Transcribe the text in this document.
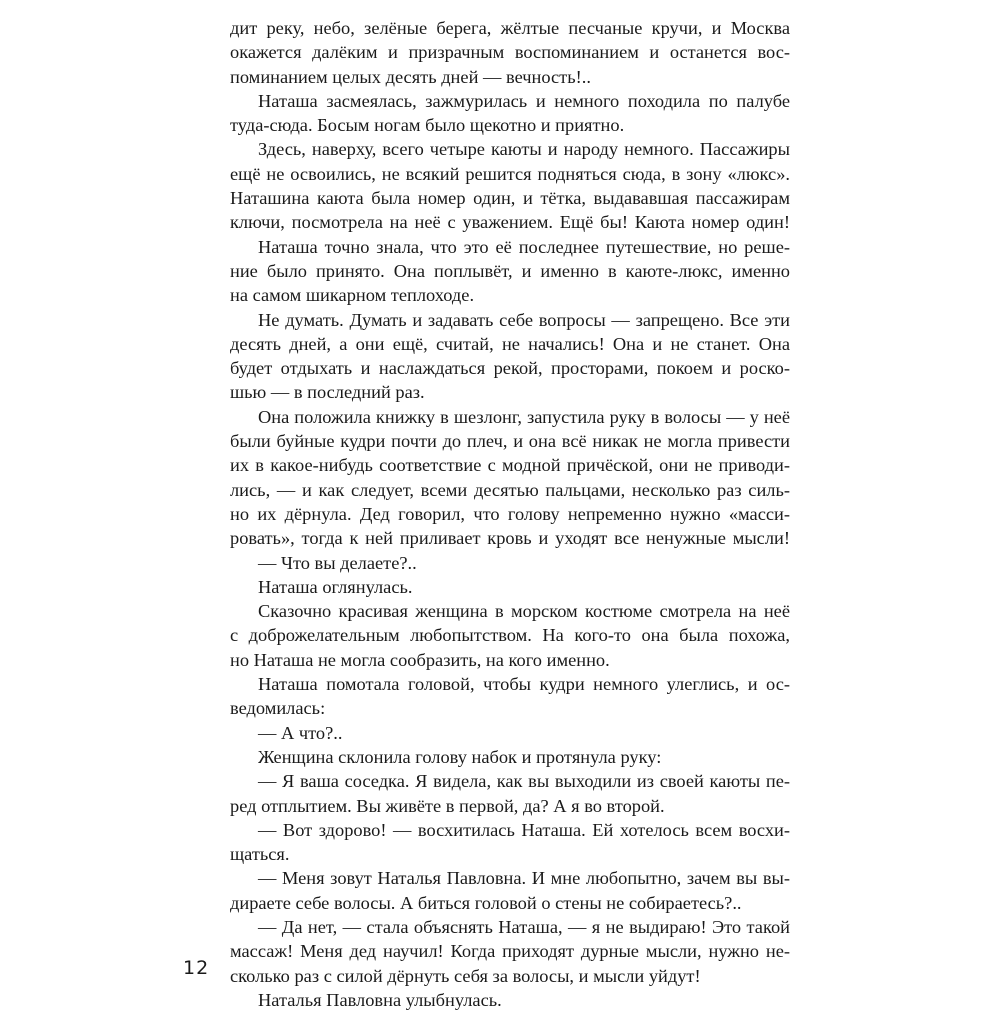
дит реку, небо, зелёные берега, жёлтые песчаные кручи, и Москва
окажется далёким и призрачным воспоминанием и останется вос-
поминанием целых десять дней — вечность!..
Наташа засмеялась, зажмурилась и немного походила по палубе
туда-сюда. Босым ногам было щекотно и приятно.
Здесь, наверху, всего четыре каюты и народу немного. Пассажиры
ещё не освоились, не всякий решится подняться сюда, в зону «люкс».
Наташина каюта была номер один, и тётка, выдававшая пассажирам
ключи, посмотрела на неё с уважением. Ещё бы! Каюта номер один!
Наташа точно знала, что это её последнее путешествие, но реше-
ние было принято. Она поплывёт, и именно в каюте-люкс, именно
на самом шикарном теплоходе.
Не думать. Думать и задавать себе вопросы — запрещено. Все эти
десять дней, а они ещё, считай, не начались! Она и не станет. Она
будет отдыхать и наслаждаться рекой, просторами, покоем и роско-
шью — в последний раз.
Она положила книжку в шезлонг, запустила руку в волосы — у неё
были буйные кудри почти до плеч, и она всё никак не могла привести
их в какое-нибудь соответствие с модной причёской, они не приводи-
лись, — и как следует, всеми десятью пальцами, несколько раз силь-
но их дёрнула. Дед говорил, что голову непременно нужно «масси-
ровать», тогда к ней приливает кровь и уходят все ненужные мысли!
— Что вы делаете?..
Наташа оглянулась.
Сказочно красивая женщина в морском костюме смотрела на неё
с доброжелательным любопытством. На кого-то она была похожа,
но Наташа не могла сообразить, на кого именно.
Наташа помотала головой, чтобы кудри немного улеглись, и ос-
ведомилась:
— А что?..
Женщина склонила голову набок и протянула руку:
— Я ваша соседка. Я видела, как вы выходили из своей каюты пе-
ред отплытием. Вы живёте в первой, да? А я во второй.
— Вот здорово! — восхитилась Наташа. Ей хотелось всем восхи-
щаться.
— Меня зовут Наталья Павловна. И мне любопытно, зачем вы вы-
дираете себе волосы. А биться головой о стены не собираетесь?..
— Да нет, — стала объяснять Наташа, — я не выдираю! Это такой
массаж! Меня дед научил! Когда приходят дурные мысли, нужно не-
сколько раз с силой дёрнуть себя за волосы, и мысли уйдут!
Наталья Павловна улыбнулась.
12
